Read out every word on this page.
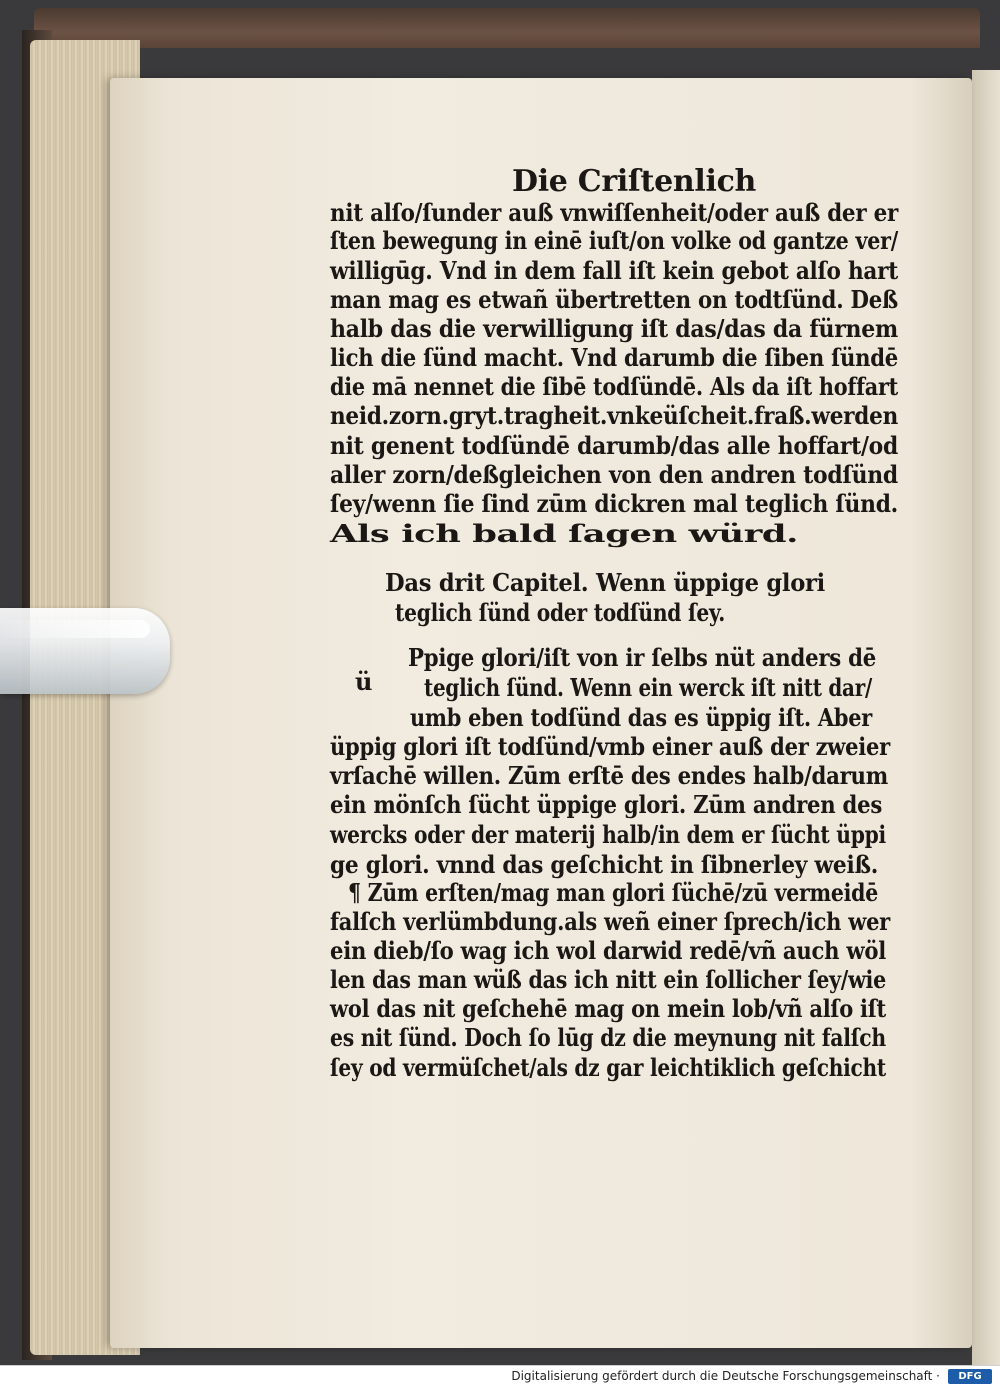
Die Criſtenlich
ü
nit alſo/ſunder auß vnwiſſenheit/oder auß der er
ſten bewegung in einē iuſt/on volke od gantze ver/
willigūg. Vnd in dem fall iſt kein gebot alſo hart
man mag es etwañ übertretten on todtſünd. Deß
halb das die verwilligung iſt das/das da fürnem
lich die ſünd macht. Vnd darumb die ſiben ſündē
die mā nennet die ſibē todſündē. Als da iſt hoffart
neid.zorn.gryt.tragheit.vnkeüſcheit.fraß.werden
nit genent todſündē darumb/das alle hoffart/od
aller zorn/deßgleichen von den andren todſünd
ſey/wenn ſie ſind zūm dickren mal teglich ſünd.
Als ich bald ſagen würd.
Das drit Capitel. Wenn üppige glori
teglich ſünd oder todſünd ſey.
Ppige glori/iſt von ir ſelbs nüt anders dē
teglich ſünd. Wenn ein werck iſt nitt dar/
umb eben todſünd das es üppig iſt. Aber
üppig glori iſt todſünd/vmb einer auß der zweier
vrſachē willen. Zūm erſtē des endes halb/darum
ein mönſch ſücht üppige glori. Zūm andren des
wercks oder der materij halb/in dem er ſücht üppi
ge glori. vnnd das geſchicht in ſibnerley weiß.
¶ Zūm erſten/mag man glori ſüchē/zū vermeidē
falſch verlümbdung.als weñ einer ſprech/ich wer
ein dieb/ſo wag ich wol darwid redē/vñ auch wöl
len das man wüß das ich nitt ein ſollicher ſey/wie
wol das nit geſchehē mag on mein lob/vñ alſo iſt
es nit ſünd. Doch ſo lūg dz die meynung nit falſch
ſey od vermüſchet/als dz gar leichtiklich geſchicht
Digitalisierung gefördert durch die Deutsche Forschungsgemeinschaft ·	DFG
